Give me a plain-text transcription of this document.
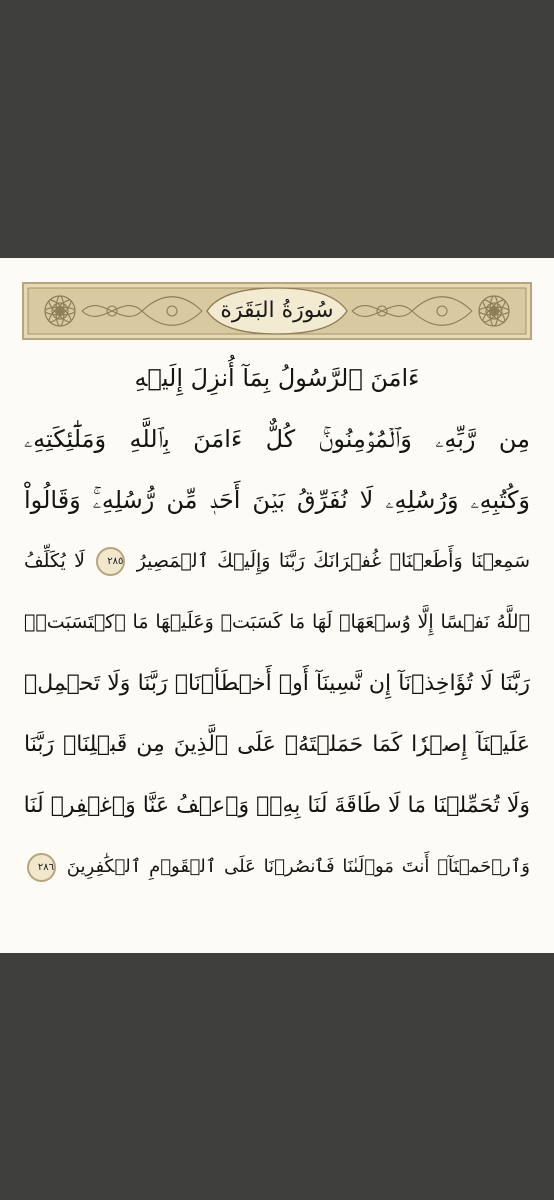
سُورَةُ البَقَرَة
ءَامَنَ ٱلرَّسُولُ بِمَآ أُنزِلَ إِلَيۡهِ
مِن رَّبِّهِۦ وَٱلۡمُؤۡمِنُونَۚ كُلٌّ ءَامَنَ بِٱللَّهِ وَمَلَٰٓئِكَتِهِۦ
وَكُتُبِهِۦ وَرُسُلِهِۦ لَا نُفَرِّقُ بَيۡنَ أَحَدٖ مِّن رُّسُلِهِۦۚ وَقَالُواْ
سَمِعۡنَا وَأَطَعۡنَاۖ غُفۡرَانَكَ رَبَّنَا وَإِلَيۡكَ ٱلۡمَصِيرُ ٢٨٥ لَا يُكَلِّفُ
ٱللَّهُ نَفۡسًا إِلَّا وُسۡعَهَاۚ لَهَا مَا كَسَبَتۡ وَعَلَيۡهَا مَا ٱكۡتَسَبَتۡۗ
رَبَّنَا لَا تُؤَاخِذۡنَآ إِن نَّسِينَآ أَوۡ أَخۡطَأۡنَاۚ رَبَّنَا وَلَا تَحۡمِلۡ
عَلَيۡنَآ إِصۡرٗا كَمَا حَمَلۡتَهُۥ عَلَى ٱلَّذِينَ مِن قَبۡلِنَاۚ رَبَّنَا
وَلَا تُحَمِّلۡنَا مَا لَا طَاقَةَ لَنَا بِهِۦۖ وَٱعۡفُ عَنَّا وَٱغۡفِرۡ لَنَا
وَٱرۡحَمۡنَآۚ أَنتَ مَوۡلَىٰنَا فَٱنصُرۡنَا عَلَى ٱلۡقَوۡمِ ٱلۡكَٰفِرِينَ ٢٨٦
